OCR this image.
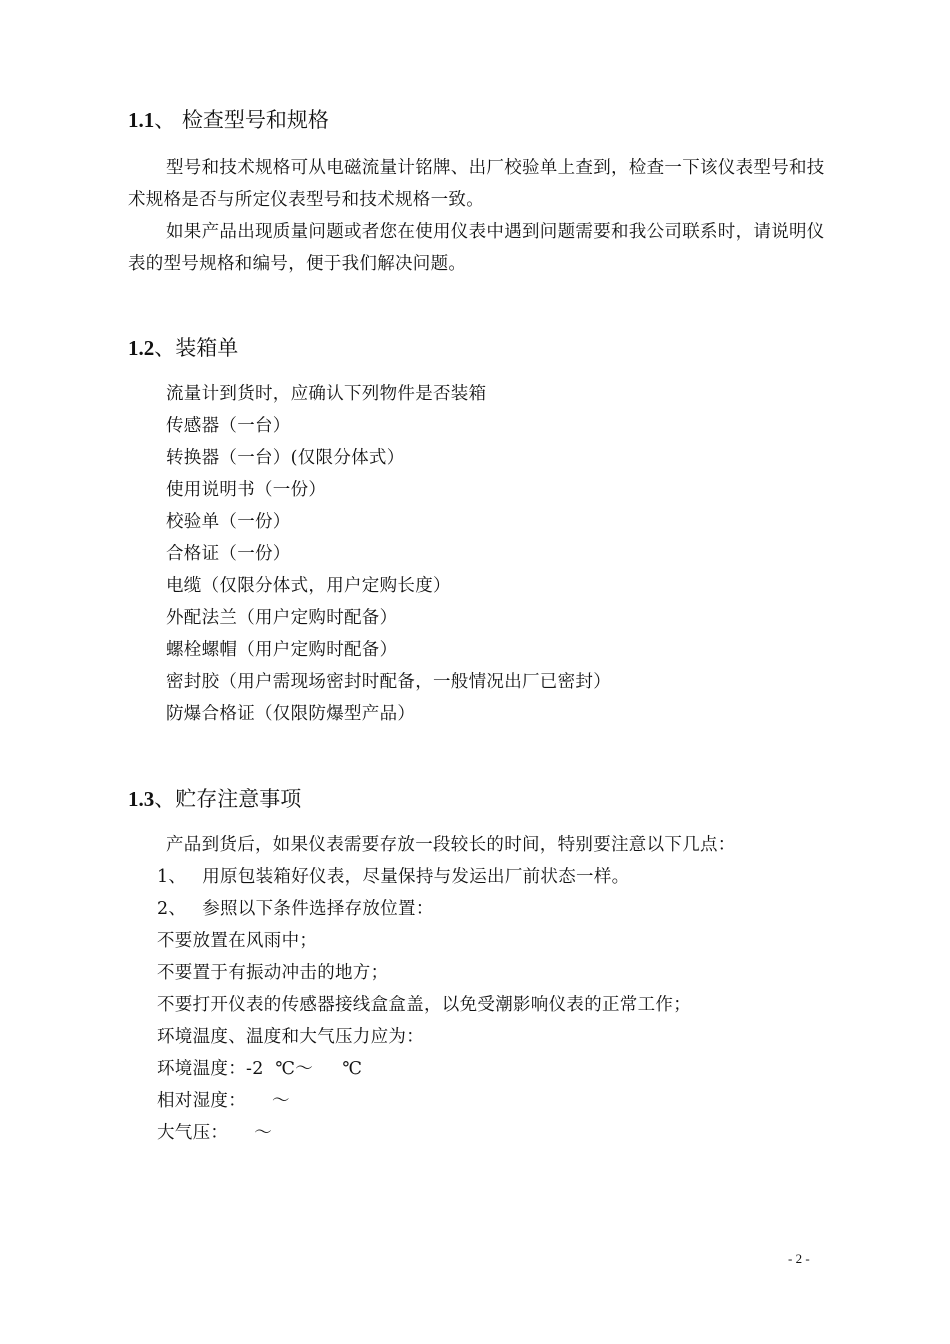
1.1、 检查型号和规格
型号和技术规格可从电磁流量计铭牌、出厂校验单上查到，检查一下该仪表型号和技术规格是否与所定仪表型号和技术规格一致。
如果产品出现质量问题或者您在使用仪表中遇到问题需要和我公司联系时，请说明仪表的型号规格和编号，便于我们解决问题。
1.2、装箱单
流量计到货时，应确认下列物件是否装箱
传感器（一台）
转换器（一台）(仅限分体式）
使用说明书（一份）
校验单（一份）
合格证（一份）
电缆（仅限分体式，用户定购长度）
外配法兰（用户定购时配备）
螺栓螺帽（用户定购时配备）
密封胶（用户需现场密封时配备，一般情况出厂已密封）
防爆合格证（仅限防爆型产品）
1.3、贮存注意事项
产品到货后，如果仪表需要存放一段较长的时间，特别要注意以下几点：
1、 用原包装箱好仪表，尽量保持与发运出厂前状态一样。
2、 参照以下条件选择存放位置：
不要放置在风雨中；
不要置于有振动冲击的地方；
不要打开仪表的传感器接线盒盒盖，以免受潮影响仪表的正常工作；
环境温度、温度和大气压力应为：
环境温度：-2  ℃～     ℃
相对湿度： ～
大气压： ～
- 2 -
